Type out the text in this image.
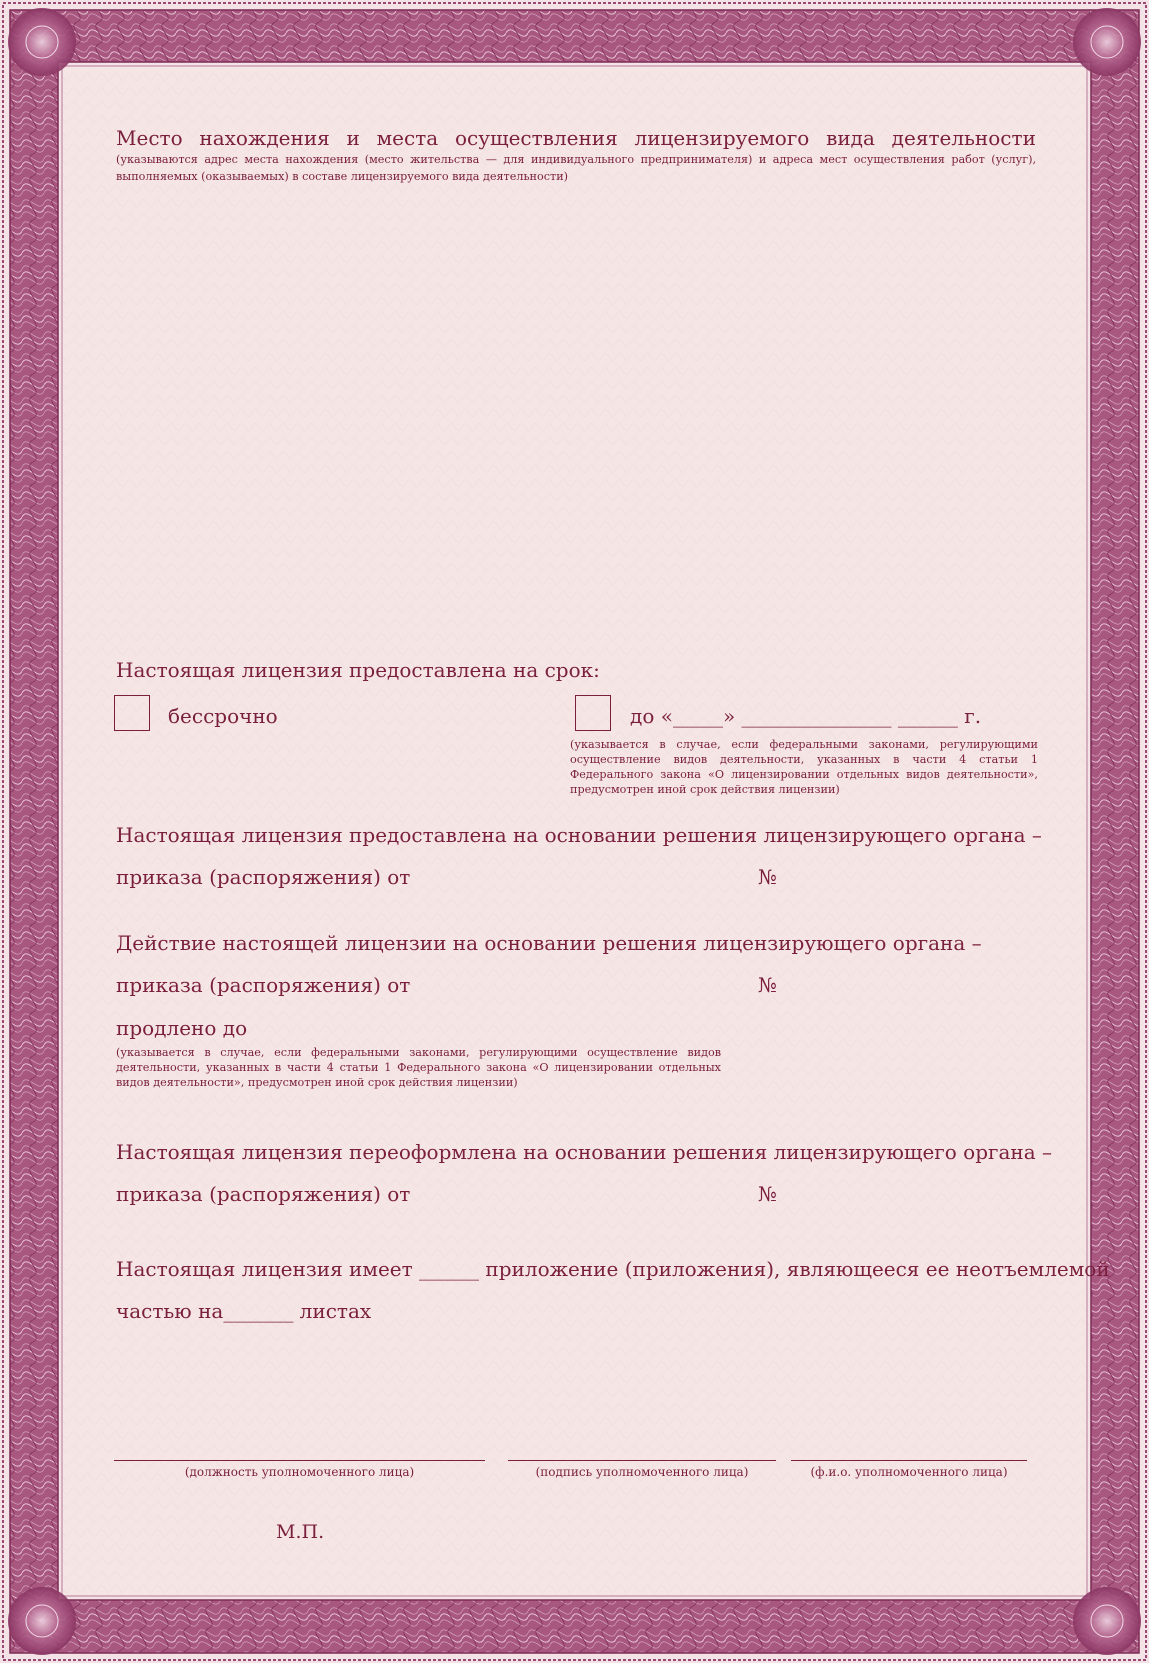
Место нахождения и места осуществления лицензируемого вида деятельности
(указываются адрес места нахождения (место жительства — для индивидуального предпринимателя) и адреса мест осуществления работ (услуг),
выполняемых (оказываемых) в составе лицензируемого вида деятельности)
Настоящая лицензия предоставлена на срок:
бессрочно	до «_____» _______________ ______ г.
(указывается в случае, если федеральными законами, регулирующими осуществление видов деятельности, указанных в части 4 статьи 1 Федерального закона «О лицензировании отдельных видов деятельности», предусмотрен иной срок действия лицензии)
Настоящая лицензия предоставлена на основании решения лицензирующего органа –
приказа (распоряжения) от	№
Действие настоящей лицензии на основании решения лицензирующего органа –
приказа (распоряжения) от	№
продлено до
(указывается в случае, если федеральными законами, регулирующими осуществление видов деятельности, указанных в части 4 статьи 1 Федерального закона «О лицензировании отдельных видов деятельности», предусмотрен иной срок действия лицензии)
Настоящая лицензия переоформлена на основании решения лицензирующего органа –
приказа (распоряжения) от	№
Настоящая лицензия имеет ______ приложение (приложения), являющееся ее неотъемлемой
частью на_______ листах
(должность уполномоченного лица)	(подпись уполномоченного лица)	(ф.и.о. уполномоченного лица)
М.П.
